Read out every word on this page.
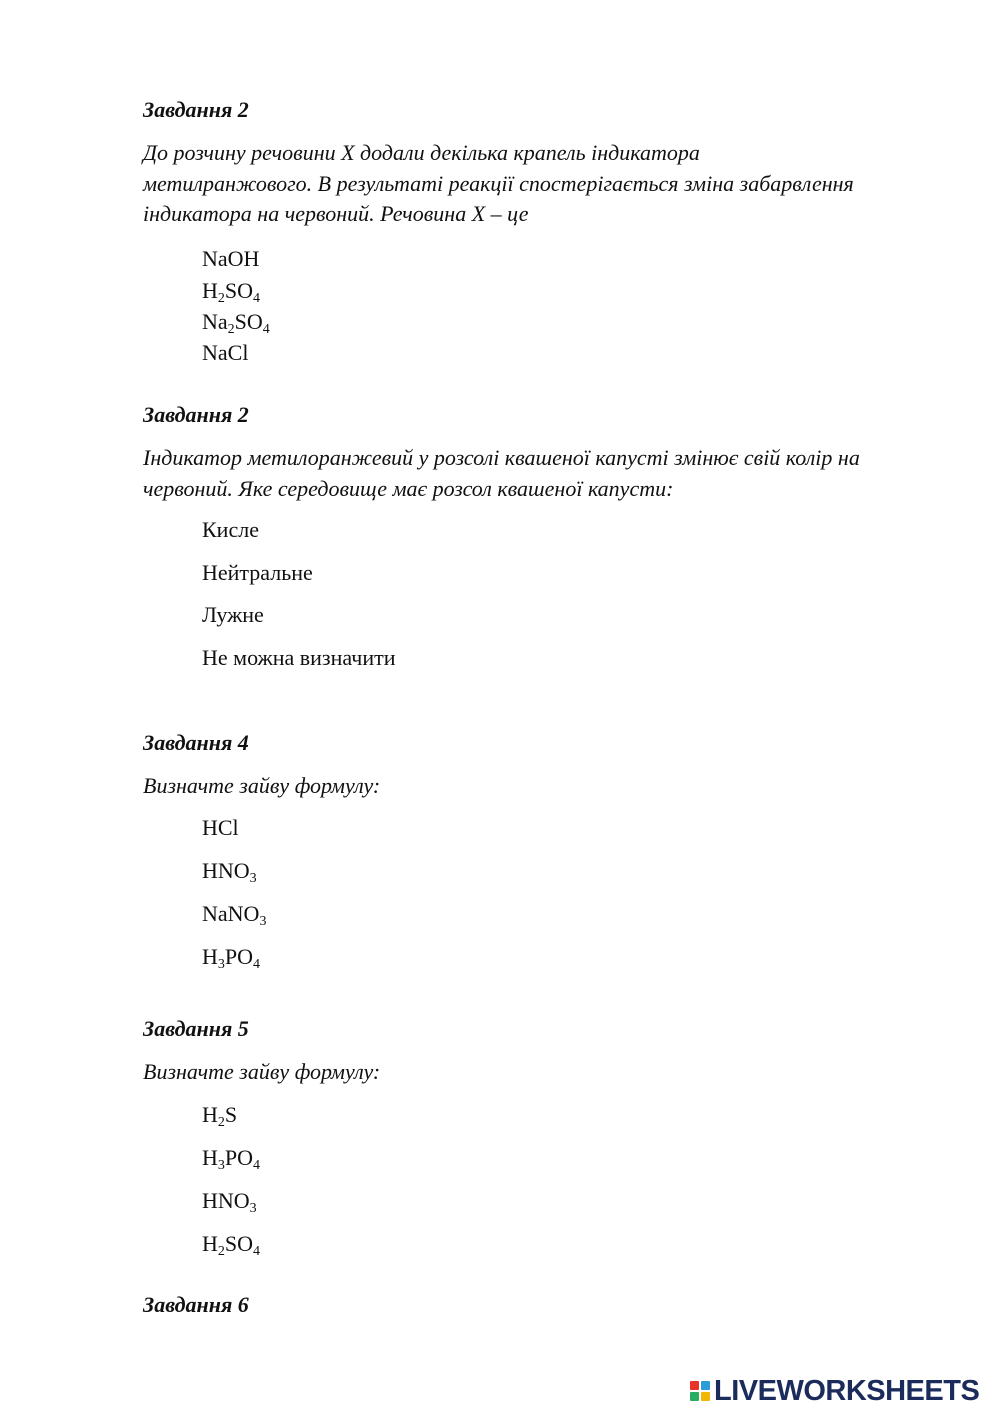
Завдання 2
До розчину речовини X додали декілька крапель індикатора
метилранжового. В результаті реакції спостерігається зміна забарвлення
індикатора на червоний. Речовина X – це
NaOH
$H_2SO_4$
$Na_2SO_4$
NaCl
Завдання 2
Індикатор метилоранжевий у розсолі квашеної капусті змінює свій колір на
червоний. Яке середовище має розсол квашеної капусти:
Кисле
Нейтральне
Лужне
Не можна визначити
Завдання 4
Визначте зайву формулу:
HCl
$HNO_3$
NaNO$_3$
$H_3PO_4$
Завдання 5
Визначте зайву формулу:
$H_2S$
$H_3PO_4$
$HNO_3$
$H_2SO_4$
Завдання 6
LIVEWORKSHEETS
